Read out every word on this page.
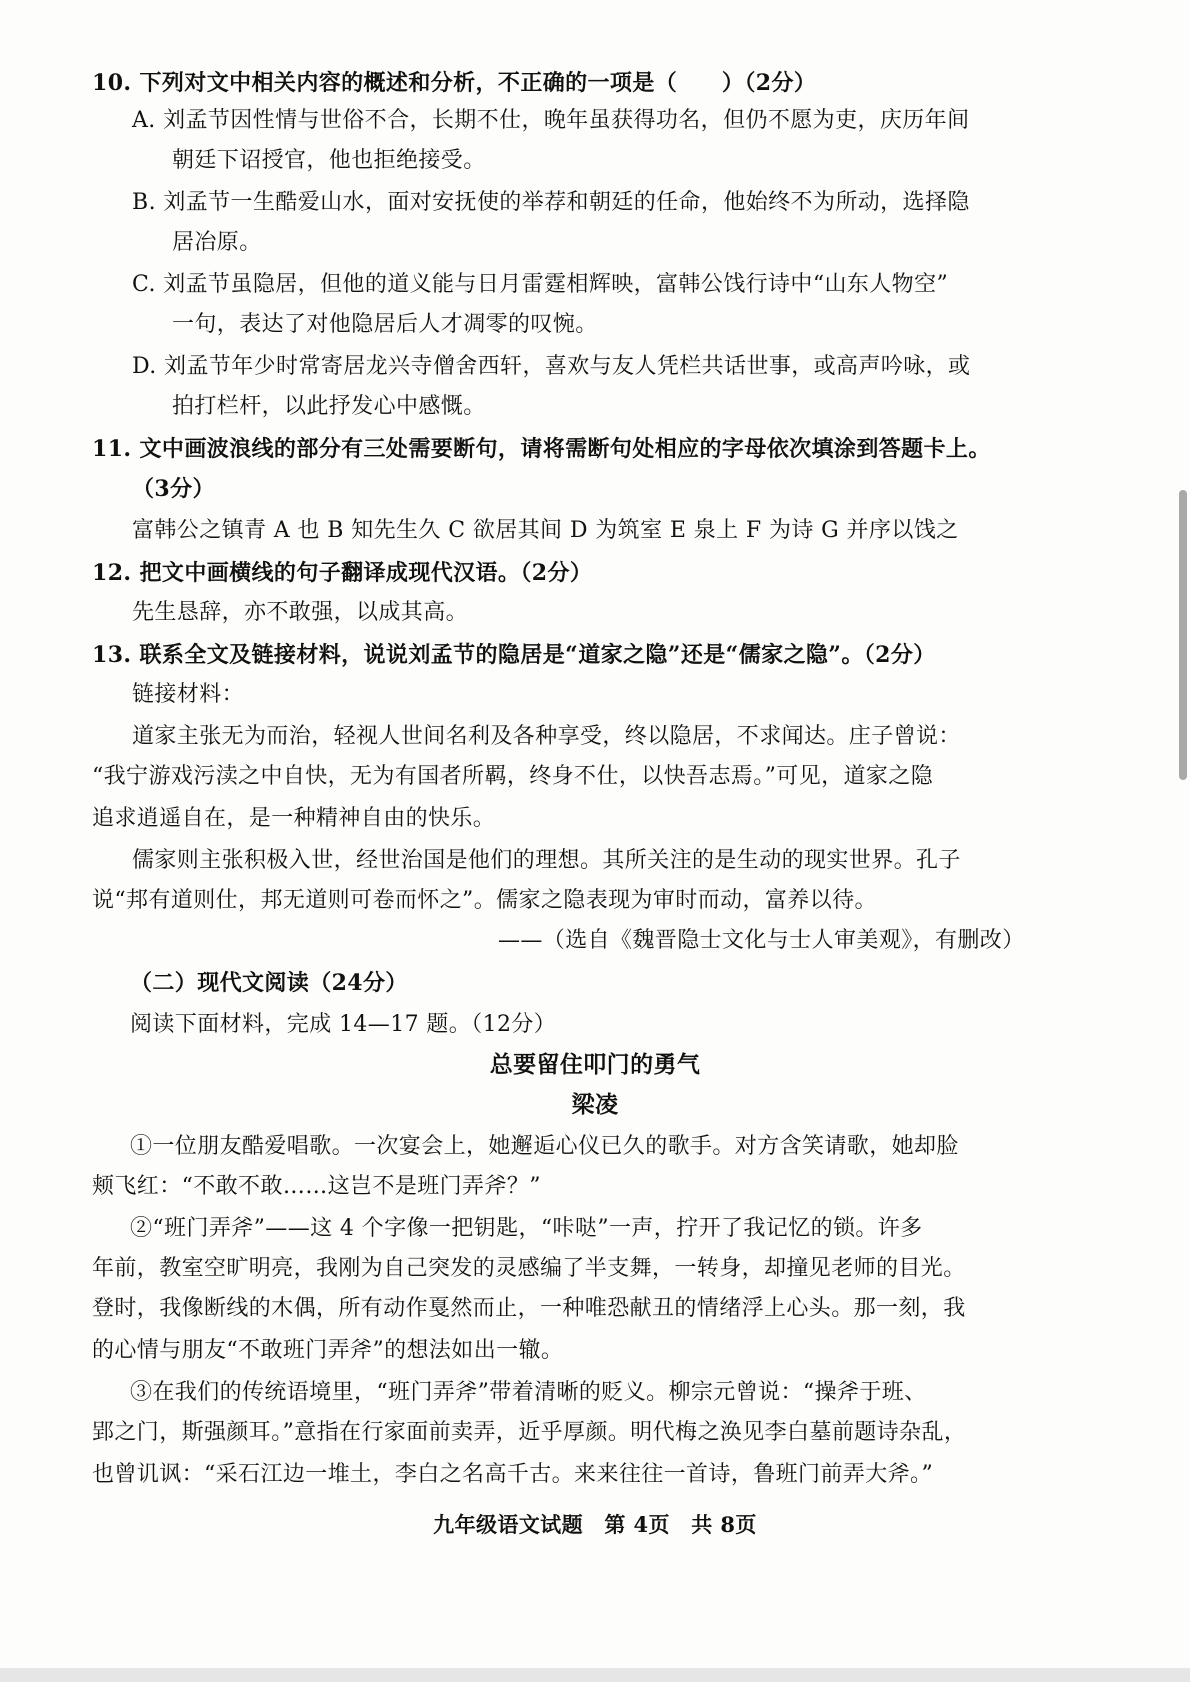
10. 下列对文中相关内容的概述和分析，不正确的一项是（　　）（2分）
A. 刘孟节因性情与世俗不合，长期不仕，晚年虽获得功名，但仍不愿为吏，庆历年间
朝廷下诏授官，他也拒绝接受。
B. 刘孟节一生酷爱山水，面对安抚使的举荐和朝廷的任命，他始终不为所动，选择隐
居冶原。
C. 刘孟节虽隐居，但他的道义能与日月雷霆相辉映，富韩公饯行诗中“山东人物空”
一句，表达了对他隐居后人才凋零的叹惋。
D. 刘孟节年少时常寄居龙兴寺僧舍西轩，喜欢与友人凭栏共话世事，或高声吟咏，或
拍打栏杆，以此抒发心中感慨。
11. 文中画波浪线的部分有三处需要断句，请将需断句处相应的字母依次填涂到答题卡上。
（3分）
富韩公之镇青 A 也 B 知先生久 C 欲居其间 D 为筑室 E 泉上 F 为诗 G 并序以饯之
12. 把文中画横线的句子翻译成现代汉语。（2分）
先生恳辞，亦不敢强，以成其高。
13. 联系全文及链接材料，说说刘孟节的隐居是“道家之隐”还是“儒家之隐”。（2分）
链接材料：
道家主张无为而治，轻视人世间名利及各种享受，终以隐居，不求闻达。庄子曾说：
“我宁游戏污渎之中自快，无为有国者所羁，终身不仕，以快吾志焉。”可见，道家之隐
追求逍遥自在，是一种精神自由的快乐。
儒家则主张积极入世，经世治国是他们的理想。其所关注的是生动的现实世界。孔子
说“邦有道则仕，邦无道则可卷而怀之”。儒家之隐表现为审时而动，富养以待。
——（选自《魏晋隐士文化与士人审美观》，有删改）
（二）现代文阅读（24分）
阅读下面材料，完成 14—17 题。（12分）
总要留住叩门的勇气
梁凌
①一位朋友酷爱唱歌。一次宴会上，她邂逅心仪已久的歌手。对方含笑请歌，她却脸
颊飞红：“不敢不敢……这岂不是班门弄斧？”
②“班门弄斧”——这 4 个字像一把钥匙，“咔哒”一声，拧开了我记忆的锁。许多
年前，教室空旷明亮，我刚为自己突发的灵感编了半支舞，一转身，却撞见老师的目光。
登时，我像断线的木偶，所有动作戛然而止，一种唯恐献丑的情绪浮上心头。那一刻，我
的心情与朋友“不敢班门弄斧”的想法如出一辙。
③在我们的传统语境里，“班门弄斧”带着清晰的贬义。柳宗元曾说：“操斧于班、
郢之门，斯强颜耳。”意指在行家面前卖弄，近乎厚颜。明代梅之涣见李白墓前题诗杂乱，
也曾讥讽：“采石江边一堆土，李白之名高千古。来来往往一首诗，鲁班门前弄大斧。”
九年级语文试题　第 4页　共 8页
